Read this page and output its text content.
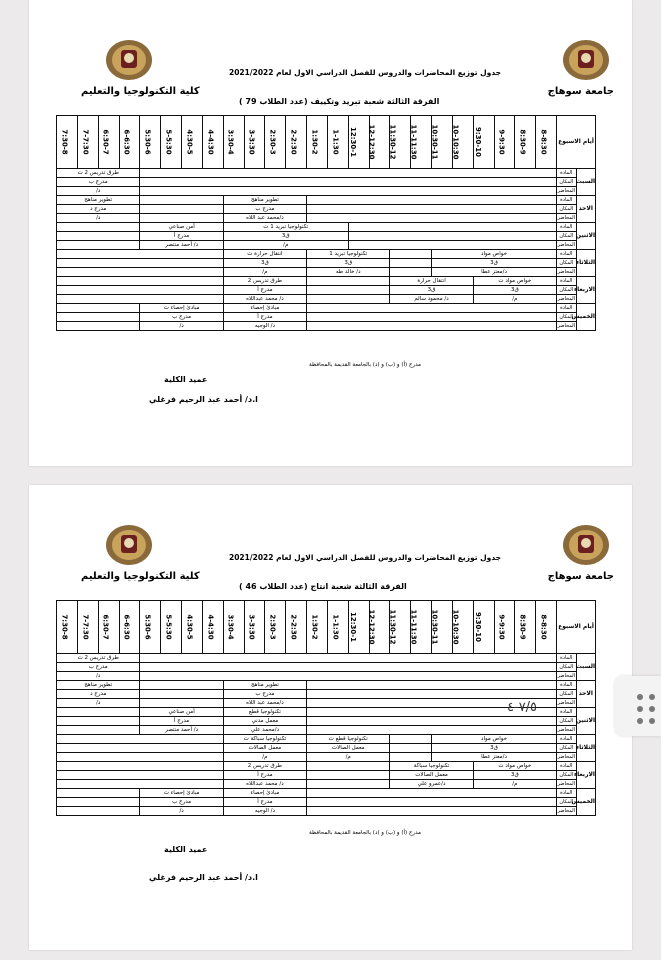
جامعة سوهاج
كلية التكنولوجيا والتعليم
جدول توزيع المحاضرات والدروس للفصل الدراسي الاول لعام 2021/2022
الفرقة الثالثة شعبة تبريد وتكييف (عدد الطلاب 79 )
أيام الاسبوع		8-8:30	8:30-9	9-9:30	9:30-10	10-10:30	10:30-11	11-11:30	11:30-12	12-12:30	12:30-1	1-1:30	1:30-2	2-2:30	2:30-3	3-3:30	3:30-4	4-4:30	4:30-5	5-5:30	5:30-6	6-6:30	6:30-7	7-7:30	7:30-8
السبت	المادة																					طرق تدريس 2 ت			
	المكان																					مدرج ب			
	المحاضر																					د/			
الاحد	المادة													تطوير مناهج								تطوير مناهج			
	المكان													مدرج ب								مدرج د			
	المحاضر													د/محمد عبد اللاه								د/			
الاثنين	المادة											تكنولوجيا تبريد 1 ت						أمن صناعي							
	المكان											ق3						مدرج أ							
	المحاضر											م/						د/ أحمد منتصر							
الثلاثاء	المادة	خواص مواد								تكنولوجيا تبريد 1				انتقال حرارة ت											
	المكان	ق3								ق3				ق3											
	المحاضر	د/معتز عطا								د/ خالد طه				م/											
الاربعاء	المادة	خواص مواد ت				انتقال حرارة								طرق تدريس 2											
	المكان	ق3				ق3								مدرج أ											
	المحاضر	م/				د/ محمود سالم								د/ محمد عبداللاه											
الخميس	المادة													مبادئ إحصاء				مبادئ إحصاء ت							
	المكان													مدرج أ				مدرج ب							
	المحاضر													د/ الوجيه				د/							
مدرج (أ) و (ب) و (د) بالجامعة القديمة بالمحافظة
عميد الكلية
ا.د/ أحمد عبد الرحيم فرغلي
جامعة سوهاج
كلية التكنولوجيا والتعليم
جدول توزيع المحاضرات والدروس للفصل الدراسي الاول لعام 2021/2022
الفرقة الثالثة شعبة انتاج (عدد الطلاب 46 )
أيام الاسبوع		8-8:30	8:30-9	9-9:30	9:30-10	10-10:30	10:30-11	11-11:30	11:30-12	12-12:30	12:30-1	1-1:30	1:30-2	2-2:30	2:30-3	3-3:30	3:30-4	4-4:30	4:30-5	5-5:30	5:30-6	6-6:30	6:30-7	7-7:30	7:30-8
السبت	المادة																					طرق تدريس 2 ت			
	المكان																					مدرج ب			
	المحاضر																					د/			
الاحد	المادة													تطوير مناهج								تطوير مناهج			
	المكان													مدرج ب								مدرج د			
	المحاضر													د/محمد عبد اللاه								د/			
الاثنين	المادة													تكنولوجيا قطع				أمن صناعي							
	المكان													معمل مدني				مدرج أ							
	المحاضر													د/محمد علي				د/ أحمد منتصر							
الثلاثاء	المادة	خواص مواد								تكنولوجيا قطع ت				تكنولوجيا سباكة ت											
	المكان	ق3								معمل الصالات				معمل الصالات											
	المحاضر	د/معتز عطا								م/				م/											
الاربعاء	المادة	خواص مواد ت				تكنولوجيا سباكة								طرق تدريس 2											
	المكان	ق3				معمل الصالات								مدرج أ											
	المحاضر	م/				د/عمرو علي								د/ محمد عبداللاه											
الخميس	المادة													مبادئ إحصاء				مبادئ إحصاء ت							
	المكان													مدرج أ				مدرج ب							
	المحاضر													د/ الوجيه				د/							
مدرج (أ) و (ب) و (د) بالجامعة القديمة بالمحافظة
عميد الكلية
ا.د/ أحمد عبد الرحيم فرغلي
٧/٥-٤
